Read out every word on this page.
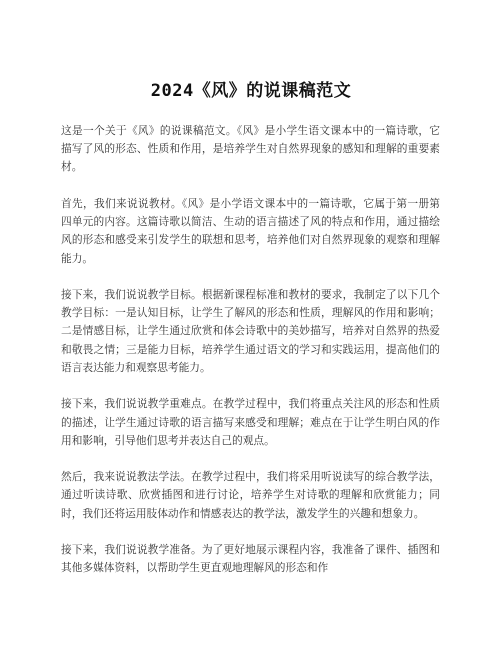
2024《风》的说课稿范文

这是一个关于《风》的说课稿范文。《风》是小学生语文课本中的一篇诗歌，它描写了风的形态、性质和作用，是培养学生对自然界现象的感知和理解的重要素材。

首先，我们来说说教材。《风》是小学语文课本中的一篇诗歌，它属于第一册第四单元的内容。这篇诗歌以简洁、生动的语言描述了风的特点和作用，通过描绘风的形态和感受来引发学生的联想和思考，培养他们对自然界现象的观察和理解能力。

接下来，我们说说教学目标。根据新课程标准和教材的要求，我制定了以下几个教学目标：一是认知目标，让学生了解风的形态和性质，理解风的作用和影响；二是情感目标，让学生通过欣赏和体会诗歌中的美妙描写，培养对自然界的热爱和敬畏之情；三是能力目标，培养学生通过语文的学习和实践运用，提高他们的语言表达能力和观察思考能力。

接下来，我们说说教学重难点。在教学过程中，我们将重点关注风的形态和性质的描述，让学生通过诗歌的语言描写来感受和理解；难点在于让学生明白风的作用和影响，引导他们思考并表达自己的观点。

然后，我来说说教法学法。在教学过程中，我们将采用听说读写的综合教学法，通过听读诗歌、欣赏插图和进行讨论，培养学生对诗歌的理解和欣赏能力；同时，我们还将运用肢体动作和情感表达的教学法，激发学生的兴趣和想象力。

接下来，我们说说教学准备。为了更好地展示课程内容，我准备了课件、插图和其他多媒体资料，以帮助学生更直观地理解风的形态和作
